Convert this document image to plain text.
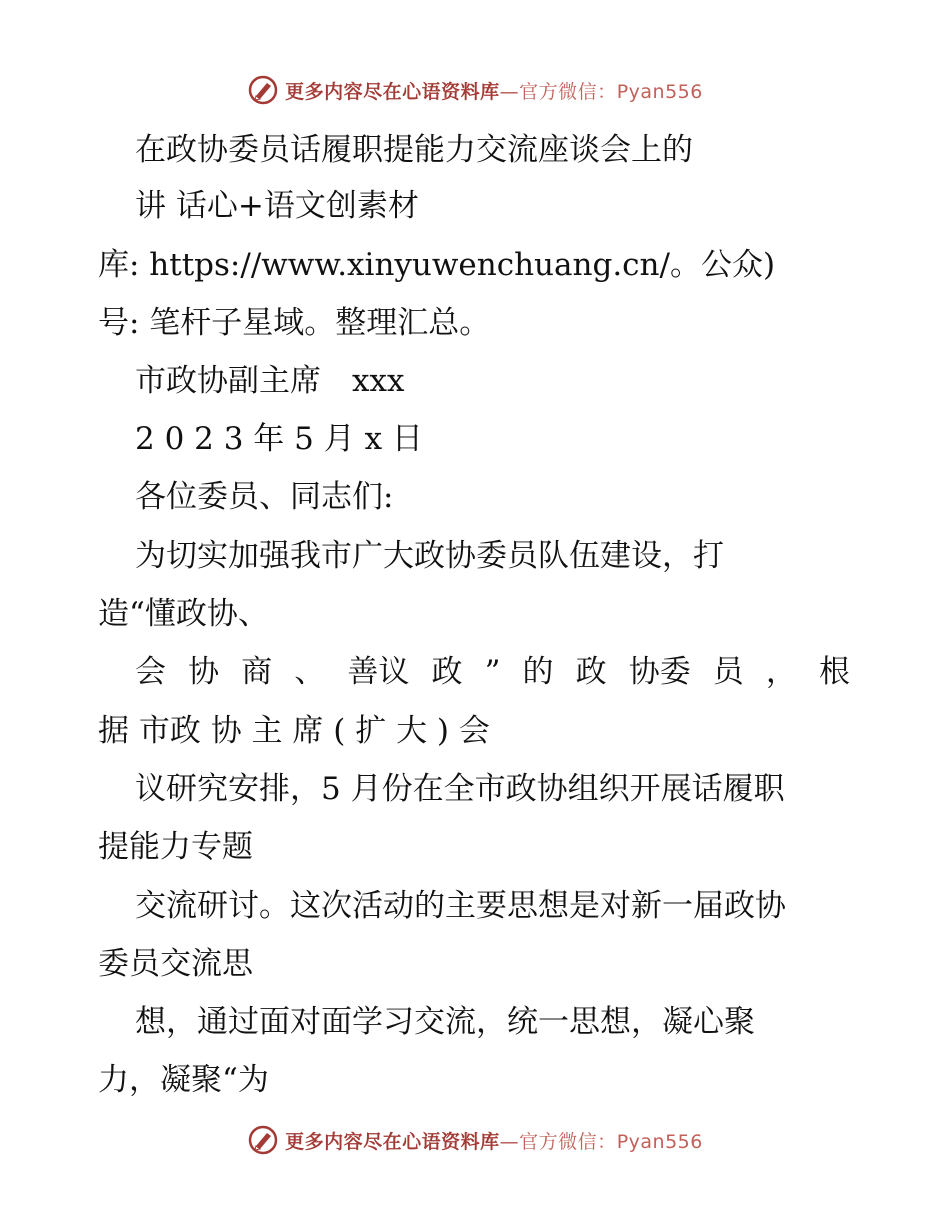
更多内容尽在心语资料库—官方微信：Pyan556
在政协委员话履职提能力交流座谈会上的
讲 话心+语文创素材
库: https://www.xinyuwenchuang.cn/。公众)
号: 笔杆子星域。整理汇总。
市政协副主席　xxx
2 0 2 3 年 5 月 x 日
各位委员、同志们:
为切实加强我市广大政协委员队伍建设，打
造“懂政协、
会 协 商 、 善议 政 ” 的 政 协委 员 ， 根
据 市政 协 主 席 ( 扩 大 ) 会
议研究安排，5 月份在全市政协组织开展话履职
提能力专题
交流研讨。这次活动的主要思想是对新一届政协
委员交流思
想，通过面对面学习交流，统一思想，凝心聚
力，凝聚“为
更多内容尽在心语资料库—官方微信：Pyan556
